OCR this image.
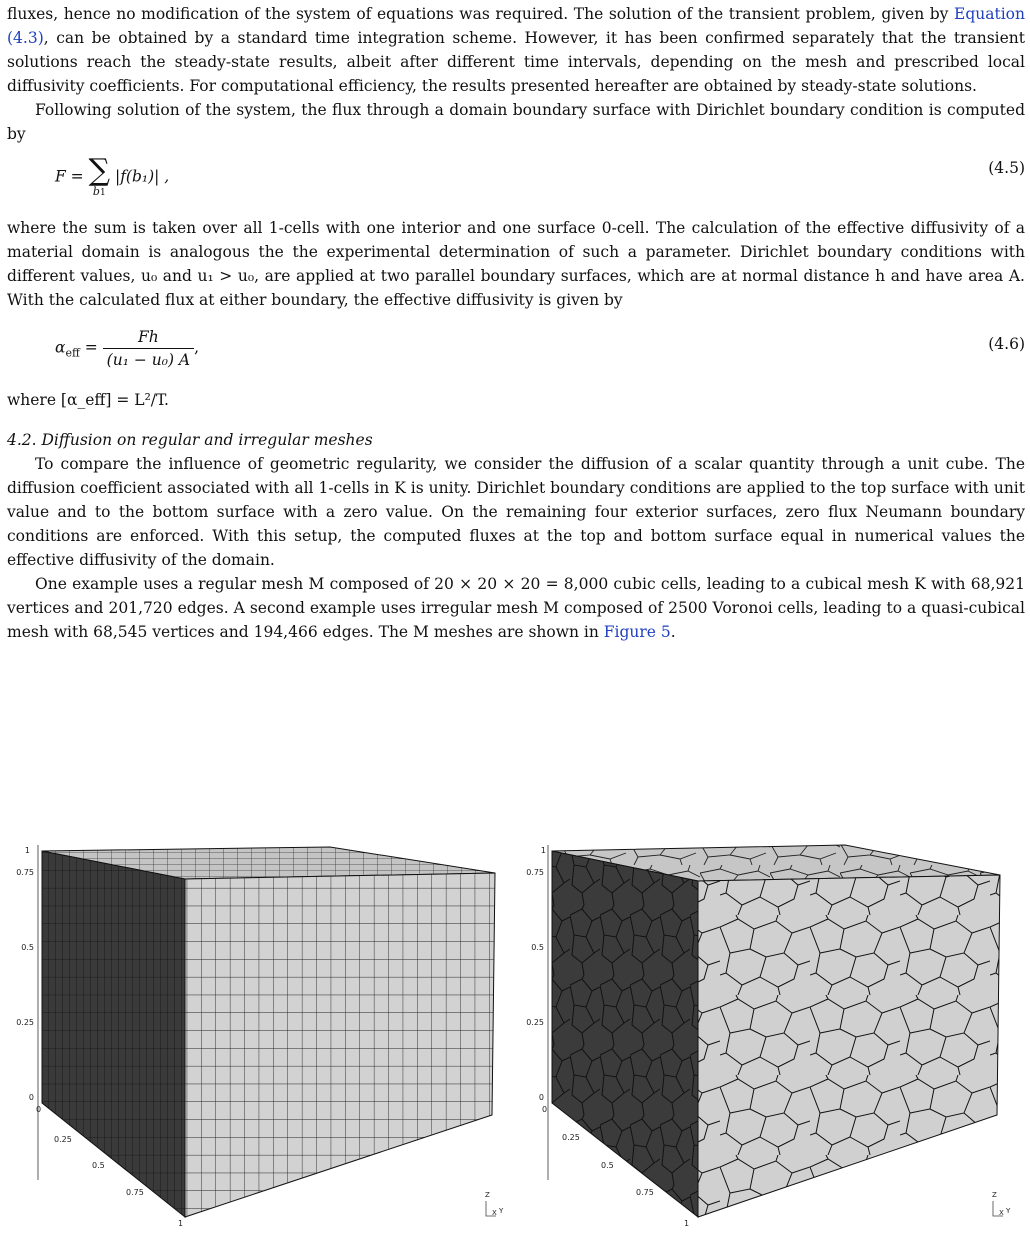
fluxes, hence no modification of the system of equations was required. The solution of the transient problem, given by Equation (4.3), can be obtained by a standard time integration scheme. However, it has been confirmed separately that the transient solutions reach the steady-state results, albeit after different time intervals, depending on the mesh and prescribed local diffusivity coefficients. For computational efficiency, the results presented hereafter are obtained by steady-state solutions.

Following solution of the system, the flux through a domain boundary surface with Dirichlet boundary condition is computed by

F = ∑
b1
|f(b₁)| ,	(4.5)

where the sum is taken over all 1-cells with one interior and one surface 0-cell. The calculation of the effective diffusivity of a material domain is analogous the the experimental determination of such a parameter. Dirichlet boundary conditions with different values, u₀ and u₁ > u₀, are applied at two parallel boundary surfaces, which are at normal distance h and have area A. With the calculated flux at either boundary, the effective diffusivity is given by

$\alpha_{eff} = \frac{Fh}{\text{(u₁ − u₀) A}}$ ,	(4.6)

where [α_eff] = L²/T.

4.2. Diffusion on regular and irregular meshes

To compare the influence of geometric regularity, we consider the diffusion of a scalar quantity through a unit cube. The diffusion coefficient associated with all 1-cells in K is unity. Dirichlet boundary conditions are applied to the top surface with unit value and to the bottom surface with a zero value. On the remaining four exterior surfaces, zero flux Neumann boundary conditions are enforced. With this setup, the computed fluxes at the top and bottom surface equal in numerical values the effective diffusivity of the domain.

One example uses a regular mesh M composed of 20 × 20 × 20 = 8,000 cubic cells, leading to a cubical mesh K with 68,921 vertices and 201,720 edges. A second example uses irregular mesh M composed of 2500 Voronoi cells, leading to a quasi-cubical mesh with 68,545 vertices and 194,466 edges. The M meshes are shown in Figure 5.

1
0.75
0.5
0.25
0
0
0.25
0.5
0.75
1
Z
X Y
1
0.75
0.5
0.25
0
0
0.25
0.5
0.75
1
Z
X Y
